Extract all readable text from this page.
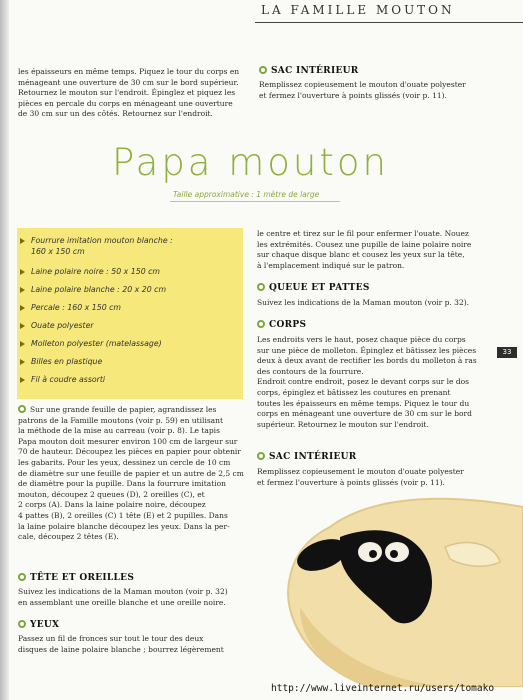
LA FAMILLE MOUTON
les épaisseurs en même temps. Piquez le tour du corps en
ménageant une ouverture de 30 cm sur le bord supérieur.
Retournez le mouton sur l'endroit. Épinglez et piquez les
pièces en percale du corps en ménageant une ouverture
de 30 cm sur un des côtés. Retournez sur l'endroit.
SAC INTÉRIEUR
Remplissez copieusement le mouton d'ouate polyester
et fermez l'ouverture à points glissés (voir p. 11).
Papa mouton
Taille approximative : 1 mètre de large
Fourrure imitation mouton blanche :
160 x 150 cm
Laine polaire noire : 50 x 150 cm
Laine polaire blanche : 20 x 20 cm
Percale : 160 x 150 cm
Ouate polyester
Molleton polyester (matelassage)
Billes en plastique
Fil à coudre assorti
Sur une grande feuille de papier, agrandissez les
patrons de la Famille moutons (voir p. 59) en utilisant
la méthode de la mise au carreau (voir p. 8). Le tapis
Papa mouton doit mesurer environ 100 cm de largeur sur
70 de hauteur. Découpez les pièces en papier pour obtenir
les gabarits. Pour les yeux, dessinez un cercle de 10 cm
de diamètre sur une feuille de papier et un autre de 2,5 cm
de diamètre pour la pupille. Dans la fourrure imitation
mouton, découpez 2 queues (D), 2 oreilles (C), et
2 corps (A). Dans la laine polaire noire, découpez
4 pattes (B), 2 oreilles (C) 1 tête (E) et 2 pupilles. Dans
la laine polaire blanche découpez les yeux. Dans la per-
cale, découpez 2 têtes (E).
TÊTE ET OREILLES
Suivez les indications de la Maman mouton (voir p. 32)
en assemblant une oreille blanche et une oreille noire.
YEUX
Passez un fil de fronces sur tout le tour des deux
disques de laine polaire blanche ; bourrez légèrement
le centre et tirez sur le fil pour enfermer l'ouate. Nouez
les extrémités. Cousez une pupille de laine polaire noire
sur chaque disque blanc et cousez les yeux sur la tête,
à l'emplacement indiqué sur le patron.
QUEUE ET PATTES
Suivez les indications de la Maman mouton (voir p. 32).
CORPS
Les endroits vers le haut, posez chaque pièce du corps
sur une pièce de molleton. Épinglez et bâtissez les pièces
deux à deux avant de rectifier les bords du molleton à ras
des contours de la fourrure.
Endroit contre endroit, posez le devant corps sur le dos
corps, épinglez et bâtissez les coutures en prenant
toutes les épaisseurs en même temps. Piquez le tour du
corps en ménageant une ouverture de 30 cm sur le bord
supérieur. Retournez le mouton sur l'endroit.
SAC INTÉRIEUR
Remplissez copieusement le mouton d'ouate polyester
et fermez l'ouverture à points glissés (voir p. 11).
33
http://www.liveinternet.ru/users/tomako
